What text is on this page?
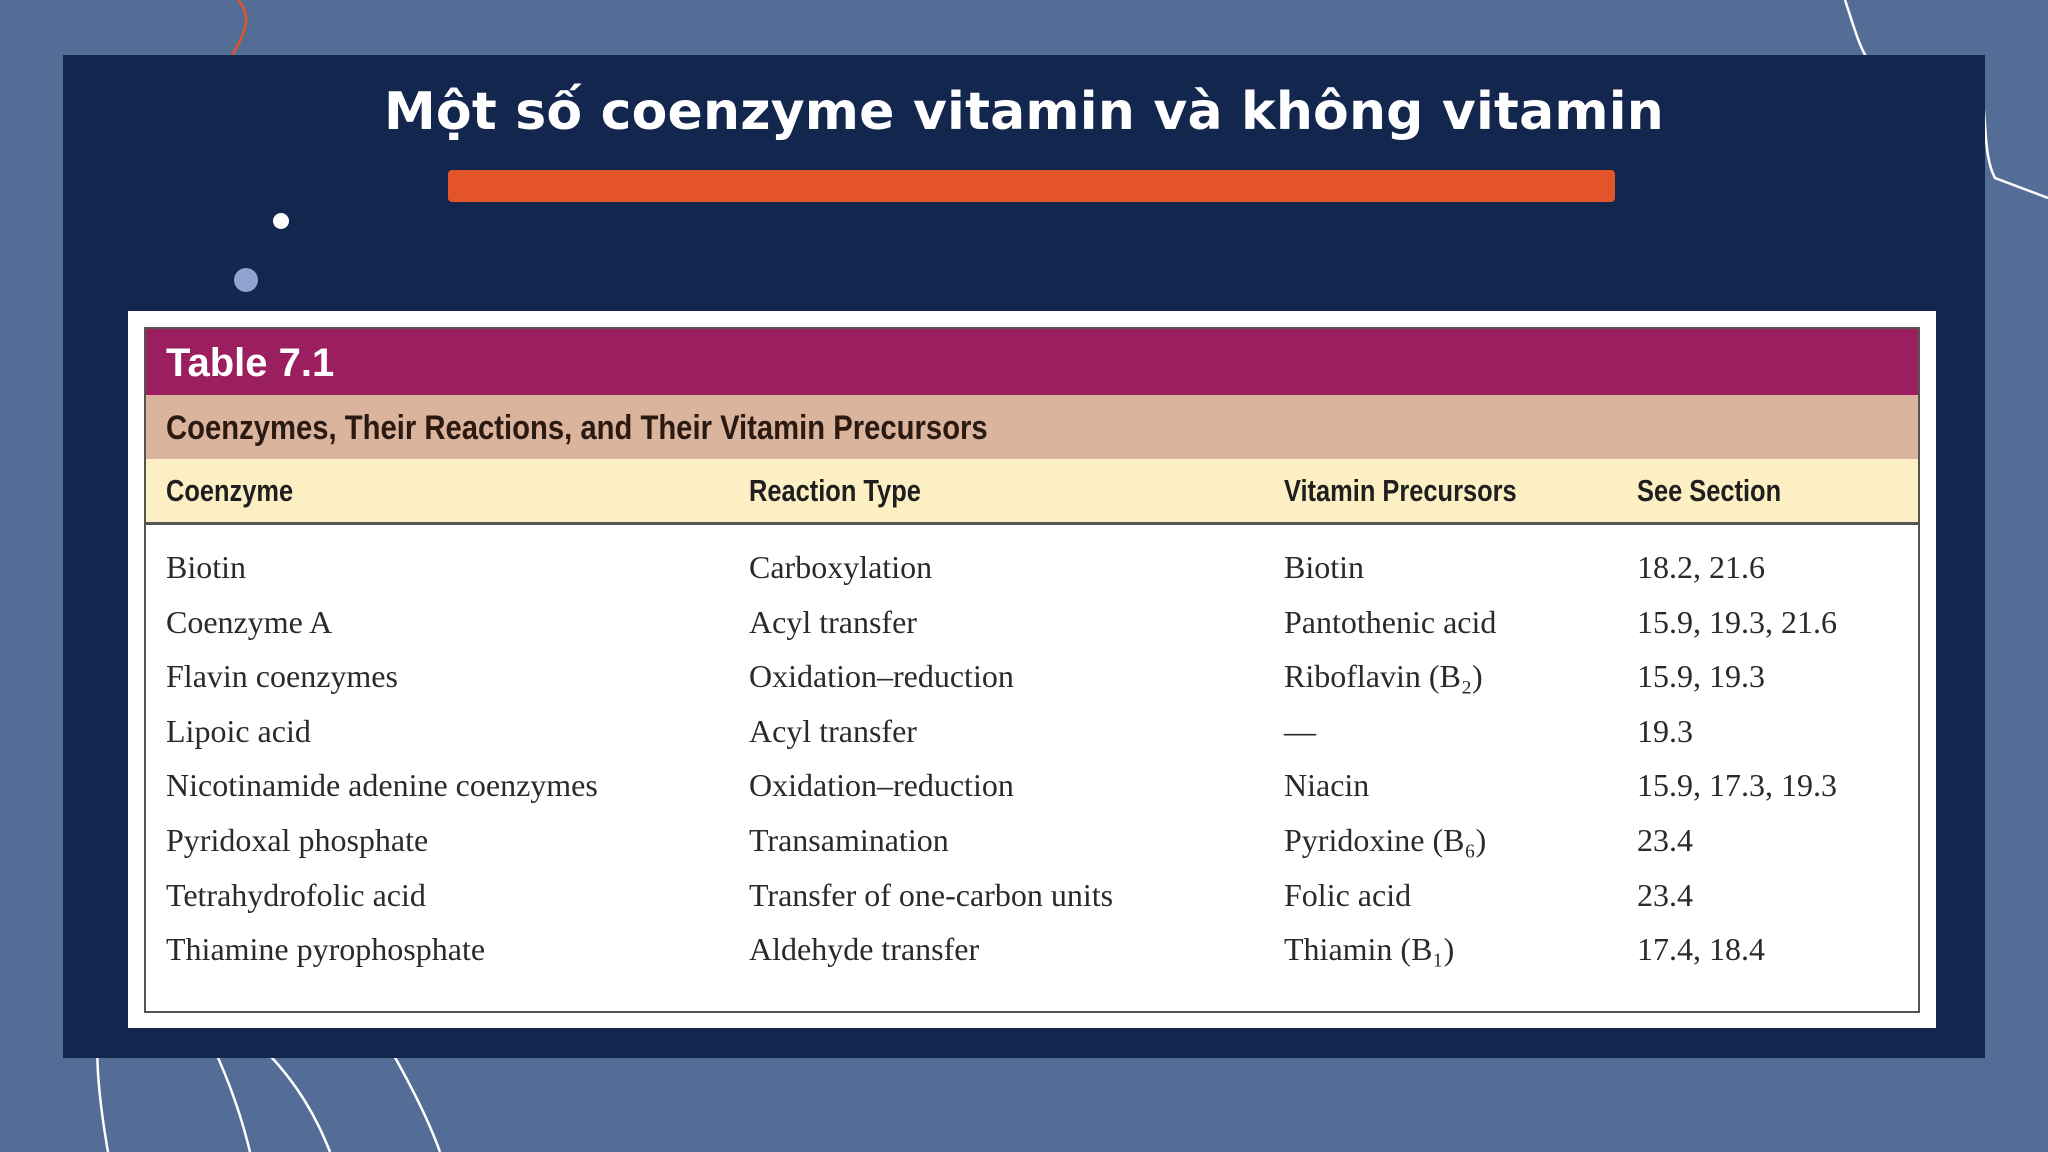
Một số coenzyme vitamin và không vitamin
Table 7.1
Coenzymes, Their Reactions, and Their Vitamin Precursors
Coenzyme	Reaction Type	Vitamin Precursors	See Section
Biotin	Carboxylation	Biotin	18.2, 21.6
Coenzyme A	Acyl transfer	Pantothenic acid	15.9, 19.3, 21.6
Flavin coenzymes	Oxidation–reduction	Riboflavin (B₂)	15.9, 19.3
Lipoic acid	Acyl transfer	—	19.3
Nicotinamide adenine coenzymes	Oxidation–reduction	Niacin	15.9, 17.3, 19.3
Pyridoxal phosphate	Transamination	Pyridoxine (B₆)	23.4
Tetrahydrofolic acid	Transfer of one-carbon units	Folic acid	23.4
Thiamine pyrophosphate	Aldehyde transfer	Thiamin (B₁)	17.4, 18.4
